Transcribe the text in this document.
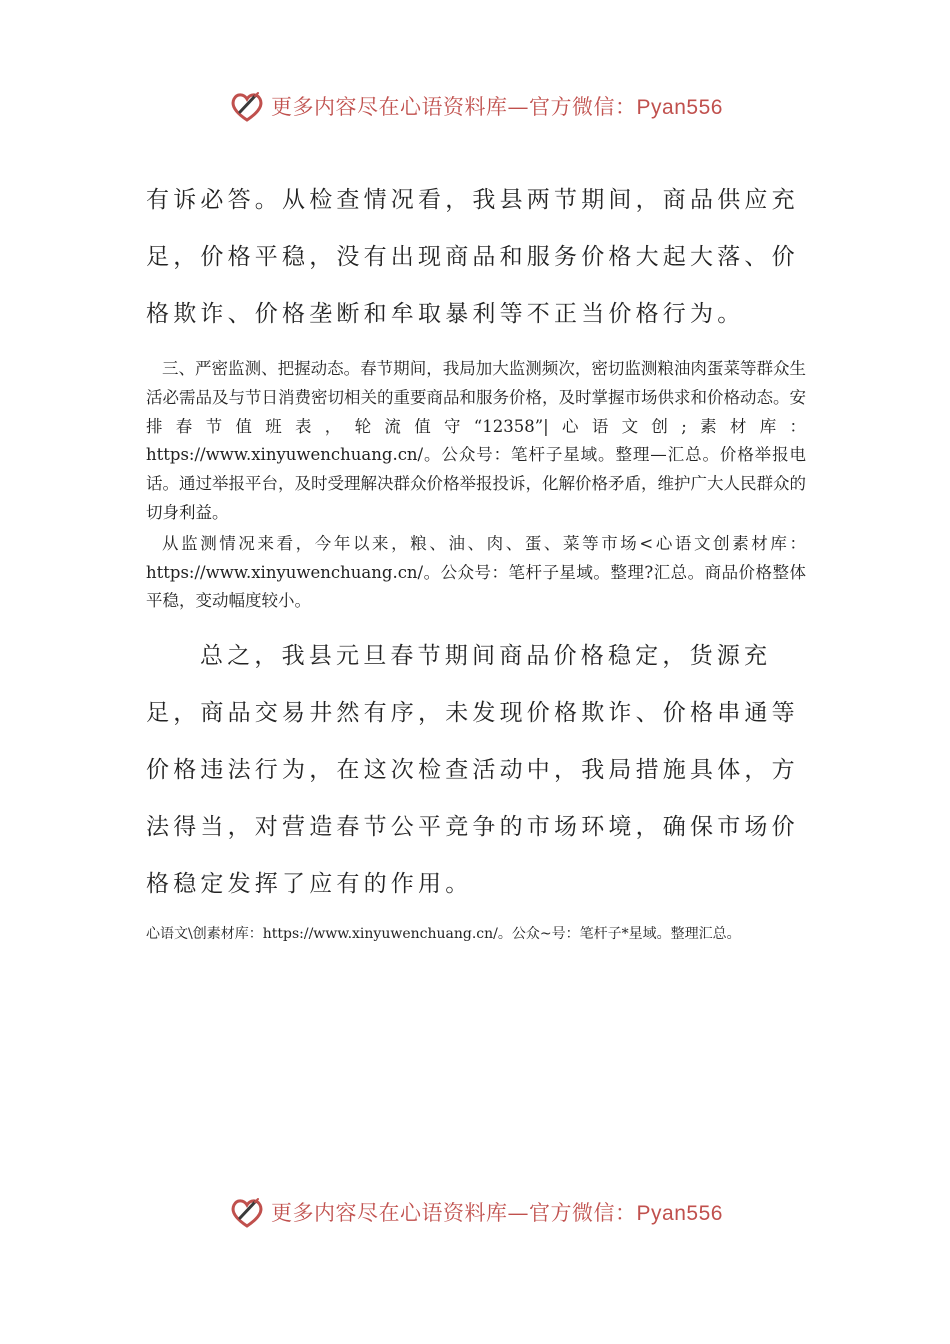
更多内容尽在心语资料库—官方微信：Pyan556

有诉必答。从检查情况看，我县两节期间，商品供应充足，价格平稳，没有出现商品和服务价格大起大落、价格欺诈、价格垄断和牟取暴利等不正当价格行为。

三、严密监测、把握动态。春节期间，我局加大监测频次，密切监测粮油肉蛋菜等群众生活必需品及与节日消费密切相关的重要商品和服务价格，及时掌握市场供求和价格动态。安排春节值班表，轮流值守“12358”|心语文创;素材库：https://www.xinyuwenchuang.cn/。公众号：笔杆子星域。整理—汇总。价格举报电话。通过举报平台，及时受理解决群众价格举报投诉，化解价格矛盾，维护广大人民群众的切身利益。

从监测情况来看，今年以来，粮、油、肉、蛋、菜等市场<心语文创素材库：https://www.xinyuwenchuang.cn/。公众号：笔杆子星域。整理?汇总。商品价格整体平稳，变动幅度较小。

总之，我县元旦春节期间商品价格稳定，货源充足，商品交易井然有序，未发现价格欺诈、价格串通等价格违法行为，在这次检查活动中，我局措施具体，方法得当，对营造春节公平竞争的市场环境，确保市场价格稳定发挥了应有的作用。

心语文\创素材库：https://www.xinyuwenchuang.cn/。公众~号：笔杆子*星域。整理汇总。

更多内容尽在心语资料库—官方微信：Pyan556
